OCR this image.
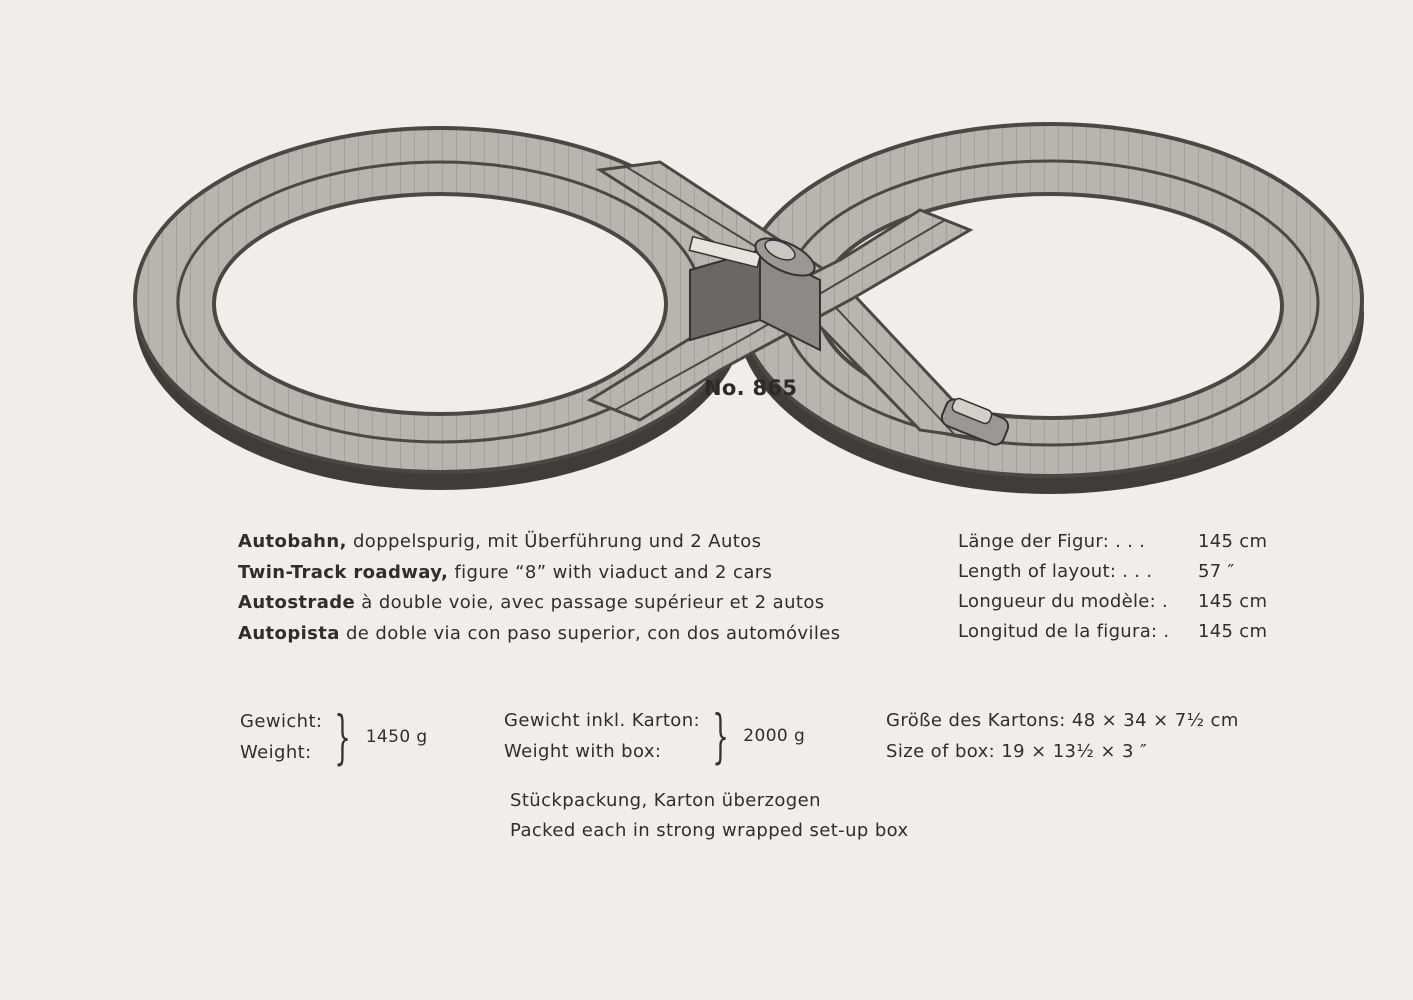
No. 865
Autobahn, doppelspurig, mit Überführung und 2 Autos
Twin-Track roadway, figure “8” with viaduct and 2 cars
Autostrade à double voie, avec passage supérieur et 2 autos
Autopista de doble via con paso superior, con dos automóviles
Länge der Figur: . . .	145 cm
Length of layout: . . .	57 ″
Longueur du modèle: .	145 cm
Longitud de la figura: .	145 cm
Gewicht:
Weight: } 1450 g
Gewicht inkl. Karton:
Weight with box: } 2000 g
Größe des Kartons: 48 × 34 × 7½ cm
Size of box: 19 × 13½ × 3 ″
Stückpackung, Karton überzogen
Packed each in strong wrapped set-up box
